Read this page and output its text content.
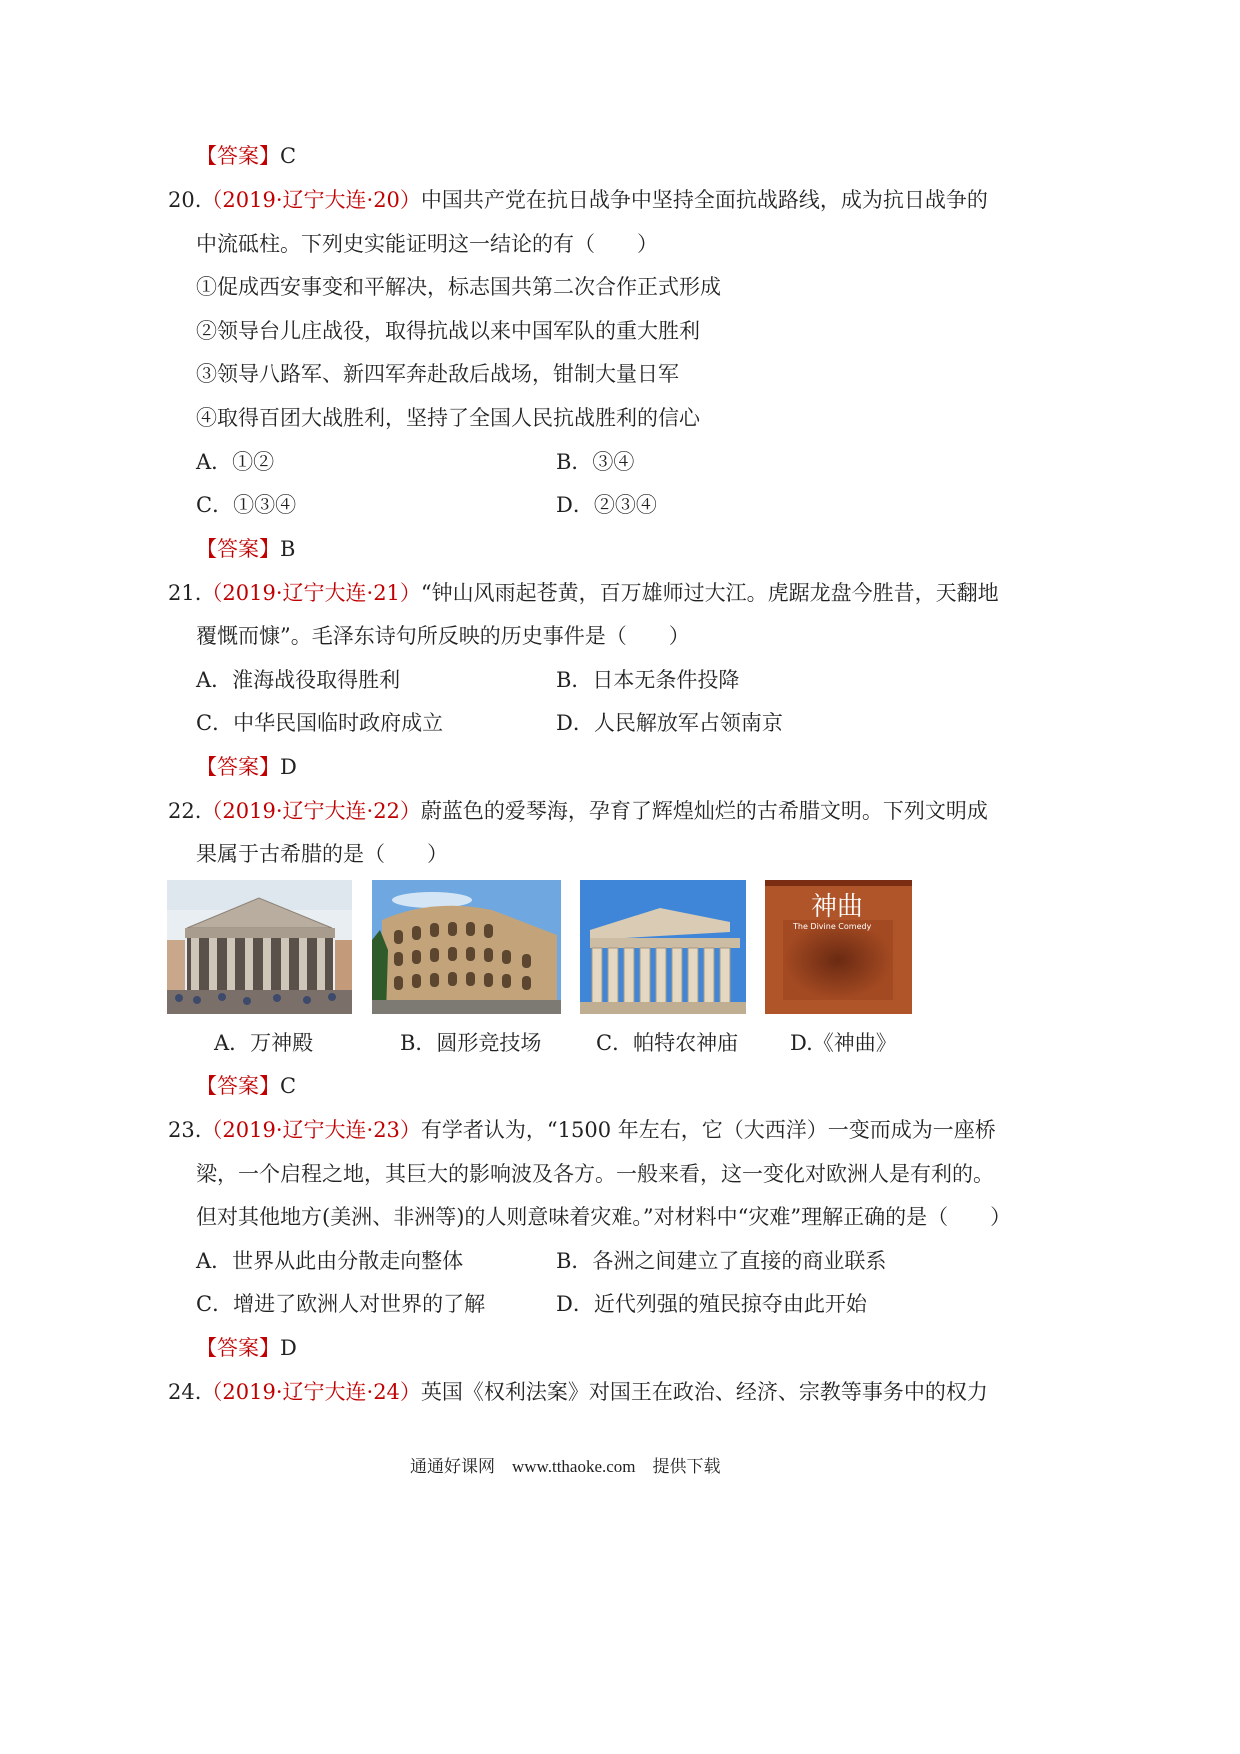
【答案】C
20.（2019·辽宁大连·20）中国共产党在抗日战争中坚持全面抗战路线，成为抗日战争的
中流砥柱。下列史实能证明这一结论的有（　　）
①促成西安事变和平解决，标志国共第二次合作正式形成
②领导台儿庄战役，取得抗战以来中国军队的重大胜利
③领导八路军、新四军奔赴敌后战场，钳制大量日军
④取得百团大战胜利，坚持了全国人民抗战胜利的信心
A．①②	B．③④
C．①③④	D．②③④
【答案】B
21.（2019·辽宁大连·21）“钟山风雨起苍黄，百万雄师过大江。虎踞龙盘今胜昔，天翻地
覆慨而慷”。毛泽东诗句所反映的历史事件是（　　）
A．淮海战役取得胜利	B．日本无条件投降
C．中华民国临时政府成立	D．人民解放军占领南京
【答案】D
22.（2019·辽宁大连·22）蔚蓝色的爱琴海，孕育了辉煌灿烂的古希腊文明。下列文明成
果属于古希腊的是（　　）
神曲
The Divine Comedy
A．万神殿	B．圆形竞技场	C．帕特农神庙 D.《神曲》
【答案】C
23.（2019·辽宁大连·23）有学者认为，“1500 年左右，它（大西洋）一变而成为一座桥
梁，一个启程之地，其巨大的影响波及各方。一般来看，这一变化对欧洲人是有利的。
但对其他地方(美洲、非洲等)的人则意味着灾难。”对材料中“灾难”理解正确的是（　　）
A．世界从此由分散走向整体	B．各洲之间建立了直接的商业联系
C．增进了欧洲人对世界的了解	D．近代列强的殖民掠夺由此开始
【答案】D
24.（2019·辽宁大连·24）英国《权利法案》对国王在政治、经济、宗教等事务中的权力
通通好课网　www.tthaoke.com　提供下载
